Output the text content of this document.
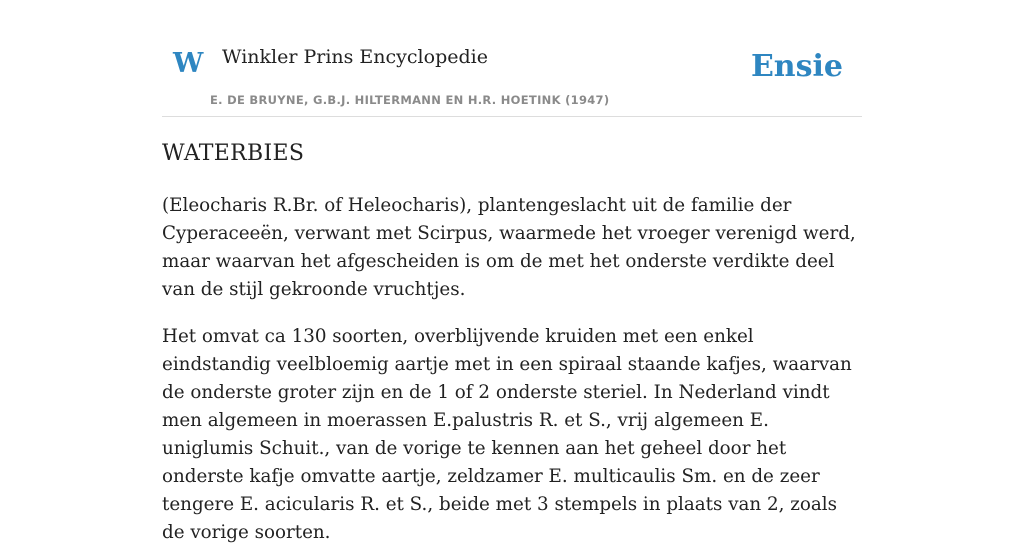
W Winkler Prins Encyclopedie
E. DE BRUYNE, G.B.J. HILTERMANN EN H.R. HOETINK (1947)
Ensie
WATERBIES

(Eleocharis R.Br. of Heleocharis), plantengeslacht uit de familie der Cyperaceeën, verwant met Scirpus, waarmede het vroeger verenigd werd, maar waarvan het afgescheiden is om de met het onderste verdikte deel van de stijl gekroonde vruchtjes.

Het omvat ca 130 soorten, overblijvende kruiden met een enkel eindstandig veelbloemig aartje met in een spiraal staande kafjes, waarvan de onderste groter zijn en de 1 of 2 onderste steriel. In Nederland vindt men algemeen in moerassen E.palustris R. et S., vrij algemeen E. uniglumis Schuit., van de vorige te kennen aan het geheel door het onderste kafje omvatte aartje, zeldzamer E. multicaulis Sm. en de zeer tengere E. acicularis R. et S., beide met 3 stempels in plaats van 2, zoals de vorige soorten.
